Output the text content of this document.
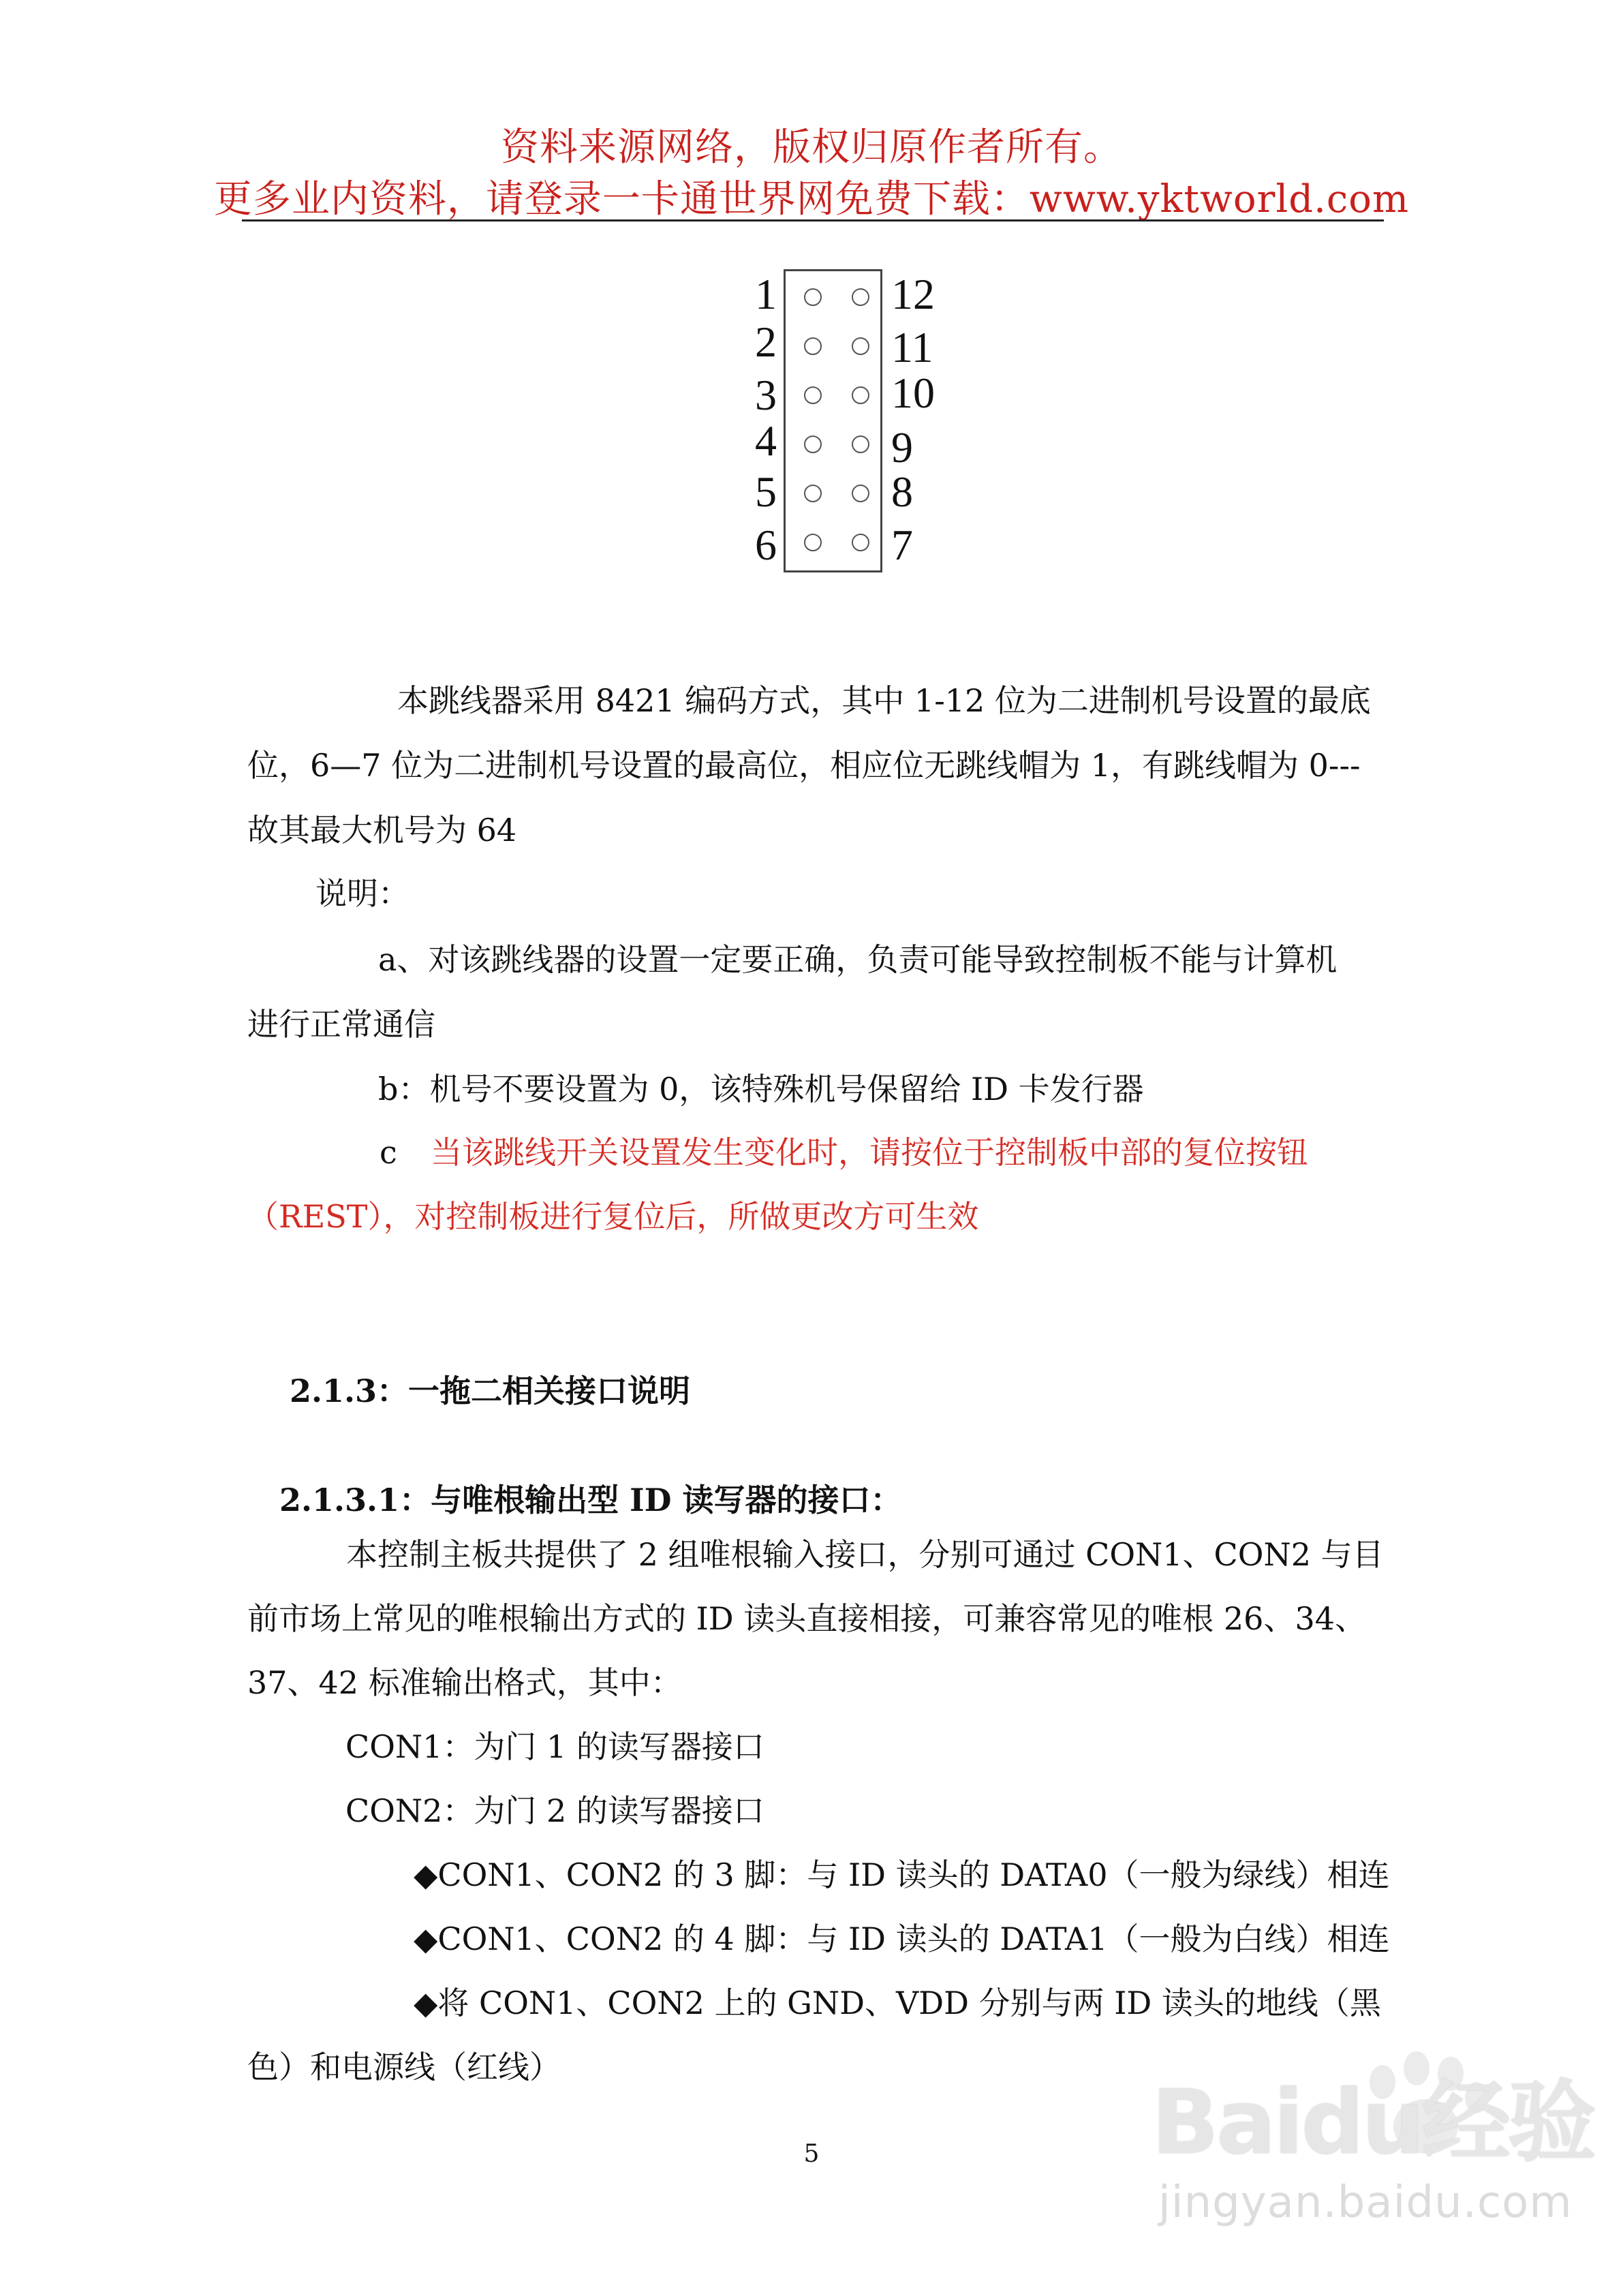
资料来源网络，版权归原作者所有。
更多业内资料，请登录一卡通世界网免费下载：www.yktworld.com
1
2
3
4
5
6
12
11
10
9
8
7
本跳线器采用 8421 编码方式，其中 1-12 位为二进制机号设置的最底
位，6—7 位为二进制机号设置的最高位，相应位无跳线帽为 1，有跳线帽为 0---
故其最大机号为 64
说明：
a、对该跳线器的设置一定要正确，负责可能导致控制板不能与计算机
进行正常通信
b：机号不要设置为 0，该特殊机号保留给 ID 卡发行器
c 当该跳线开关设置发生变化时，请按位于控制板中部的复位按钮
（REST），对控制板进行复位后，所做更改方可生效
2.1.3：一拖二相关接口说明
2.1.3.1：与唯根输出型 ID 读写器的接口：
本控制主板共提供了 2 组唯根输入接口，分别可通过 CON1、CON2 与目
前市场上常见的唯根输出方式的 ID 读头直接相接，可兼容常见的唯根 26、34、
37、42 标准输出格式，其中：
CON1：为门 1 的读写器接口
CON2：为门 2 的读写器接口
◆CON1、CON2 的 3 脚：与 ID 读头的 DATA0（一般为绿线）相连
◆CON1、CON2 的 4 脚：与 ID 读头的 DATA1（一般为白线）相连
◆将 CON1、CON2 上的 GND、VDD 分别与两 ID 读头的地线（黑
色）和电源线（红线）
5	Baidu经验
jingyan.baidu.com
